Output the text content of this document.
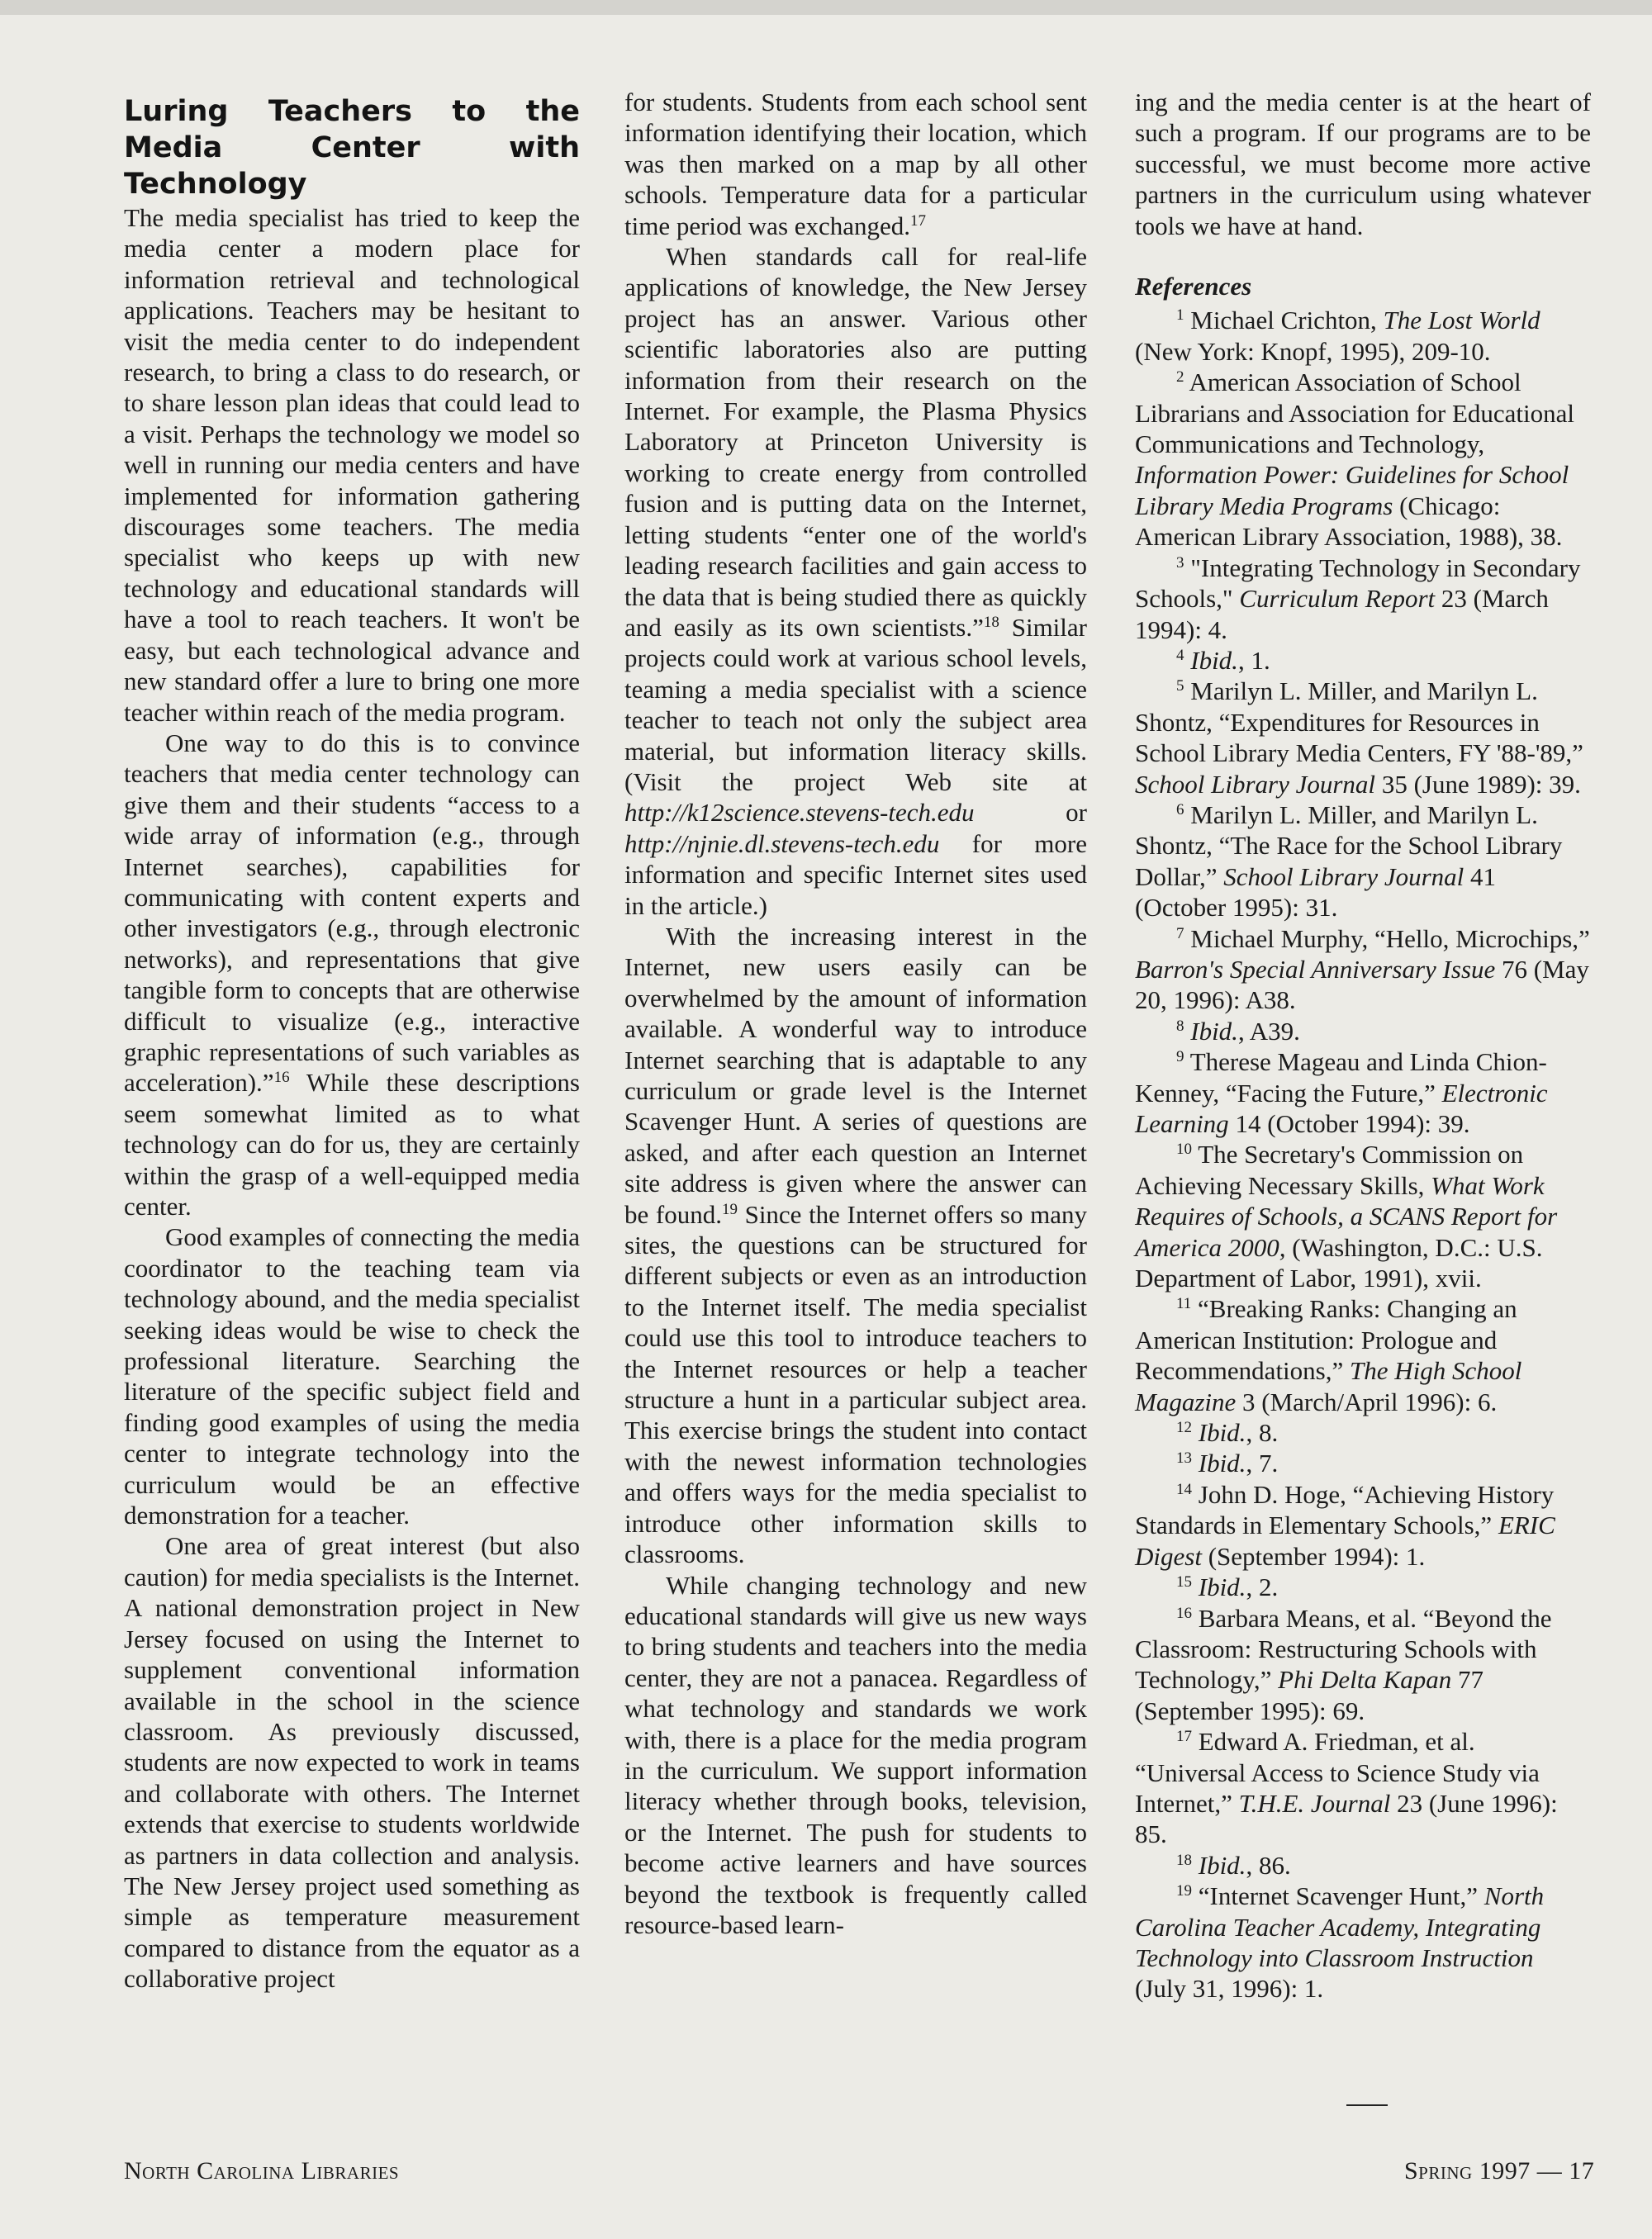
Luring Teachers to the Media Center with Technology

The media specialist has tried to keep the media center a modern place for information retrieval and technological applications. Teachers may be hesitant to visit the media center to do independent research, to bring a class to do research, or to share lesson plan ideas that could lead to a visit. Perhaps the technology we model so well in running our media centers and have implemented for information gathering discourages some teachers. The media specialist who keeps up with new technology and educational standards will have a tool to reach teachers. It won't be easy, but each technological advance and new standard offer a lure to bring one more teacher within reach of the media program.

One way to do this is to convince teachers that media center technology can give them and their students “access to a wide array of information (e.g., through Internet searches), capabilities for communicating with content experts and other investigators (e.g., through electronic networks), and representations that give tangible form to concepts that are otherwise difficult to visualize (e.g., interactive graphic representations of such variables as acceleration).”$^{16}$ While these descriptions seem somewhat limited as to what technology can do for us, they are certainly within the grasp of a well-equipped media center.

Good examples of connecting the media coordinator to the teaching team via technology abound, and the media specialist seeking ideas would be wise to check the professional literature. Searching the literature of the specific subject field and finding good examples of using the media center to integrate technology into the curriculum would be an effective demonstration for a teacher.

One area of great interest (but also caution) for media specialists is the Internet. A national demonstration project in New Jersey focused on using the Internet to supplement conventional information available in the school in the science classroom. As previously discussed, students are now expected to work in teams and collaborate with others. The Internet extends that exercise to students worldwide as partners in data collection and analysis. The New Jersey project used something as simple as temperature measurement compared to distance from the equator as a collaborative project

for students. Students from each school sent information identifying their location, which was then marked on a map by all other schools. Temperature data for a particular time period was exchanged.$^{17}$

When standards call for real-life applications of knowledge, the New Jersey project has an answer. Various other scientific laboratories also are putting information from their research on the Internet. For example, the Plasma Physics Laboratory at Princeton University is working to create energy from controlled fusion and is putting data on the Internet, letting students “enter one of the world's leading research facilities and gain access to the data that is being studied there as quickly and easily as its own scientists.”$^{18}$ Similar projects could work at various school levels, teaming a media specialist with a science teacher to teach not only the subject area material, but information literacy skills. (Visit the project Web site at http://k12science.stevens-tech.edu or http://njnie.dl.stevens-tech.edu for more information and specific Internet sites used in the article.)

With the increasing interest in the Internet, new users easily can be overwhelmed by the amount of information available. A wonderful way to introduce Internet searching that is adaptable to any curriculum or grade level is the Internet Scavenger Hunt. A series of questions are asked, and after each question an Internet site address is given where the answer can be found.$^{19}$ Since the Internet offers so many sites, the questions can be structured for different subjects or even as an introduction to the Internet itself. The media specialist could use this tool to introduce teachers to the Internet resources or help a teacher structure a hunt in a particular subject area. This exercise brings the student into contact with the newest information technologies and offers ways for the media specialist to introduce other information skills to classrooms.

While changing technology and new educational standards will give us new ways to bring students and teachers into the media center, they are not a panacea. Regardless of what technology and standards we work with, there is a place for the media program in the curriculum. We support information literacy whether through books, television, or the Internet. The push for students to become active learners and have sources beyond the textbook is frequently called resource-based learn-

ing and the media center is at the heart of such a program. If our programs are to be successful, we must become more active partners in the curriculum using whatever tools we have at hand.

References

$^1$ Michael Crichton, The Lost World (New York: Knopf, 1995), 209-10.

$^2$ American Association of School Librarians and Association for Educational Communications and Technology, Information Power: Guidelines for School Library Media Programs (Chicago: American Library Association, 1988), 38.

$^3$ "Integrating Technology in Secondary Schools," Curriculum Report 23 (March 1994): 4.

$^4$ Ibid., 1.

$^5$ Marilyn L. Miller, and Marilyn L. Shontz, “Expenditures for Resources in School Library Media Centers, FY '88-'89,” School Library Journal 35 (June 1989): 39.

$^6$ Marilyn L. Miller, and Marilyn L. Shontz, “The Race for the School Library Dollar,” School Library Journal 41 (October 1995): 31.

$^7$ Michael Murphy, “Hello, Microchips,” Barron's Special Anniversary Issue 76 (May 20, 1996): A38.

$^8$ Ibid., A39.

$^9$ Therese Mageau and Linda Chion-Kenney, “Facing the Future,” Electronic Learning 14 (October 1994): 39.

$^{10}$ The Secretary's Commission on Achieving Necessary Skills, What Work Requires of Schools, a SCANS Report for America 2000, (Washington, D.C.: U.S. Department of Labor, 1991), xvii.

$^{11}$ “Breaking Ranks: Changing an American Institution: Prologue and Recommendations,” The High School Magazine 3 (March/April 1996): 6.

$^{12}$ Ibid., 8.

$^{13}$ Ibid., 7.

$^{14}$ John D. Hoge, “Achieving History Standards in Elementary Schools,” ERIC Digest (September 1994): 1.

$^{15}$ Ibid., 2.

$^{16}$ Barbara Means, et al. “Beyond the Classroom: Restructuring Schools with Technology,” Phi Delta Kapan 77 (September 1995): 69.

$^{17}$ Edward A. Friedman, et al. “Universal Access to Science Study via Internet,” T.H.E. Journal 23 (June 1996): 85.

$^{18}$ Ibid., 86.

$^{19}$ “Internet Scavenger Hunt,” North Carolina Teacher Academy, Integrating Technology into Classroom Instruction (July 31, 1996): 1.

North Carolina Libraries	Spring 1997 — 17
